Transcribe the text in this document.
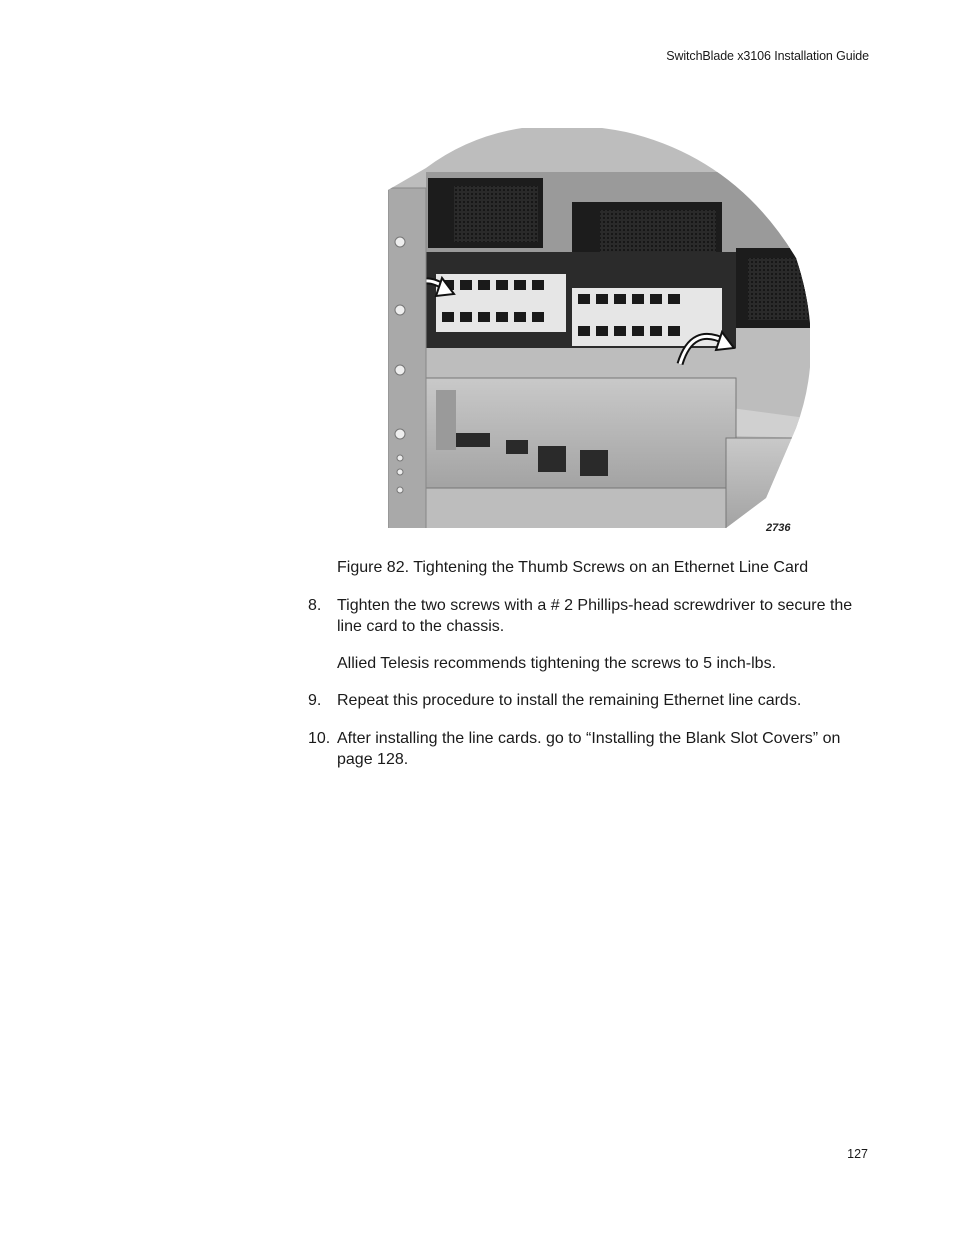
SwitchBlade x3106 Installation Guide
2736
Figure 82. Tightening the Thumb Screws on an Ethernet Line Card
8. Tighten the two screws with a # 2 Phillips-head screwdriver to secure the line card to the chassis.
Allied Telesis recommends tightening the screws to 5 inch-lbs.
9. Repeat this procedure to install the remaining Ethernet line cards.
10. After installing the line cards. go to “Installing the Blank Slot Covers” on page 128.
127
